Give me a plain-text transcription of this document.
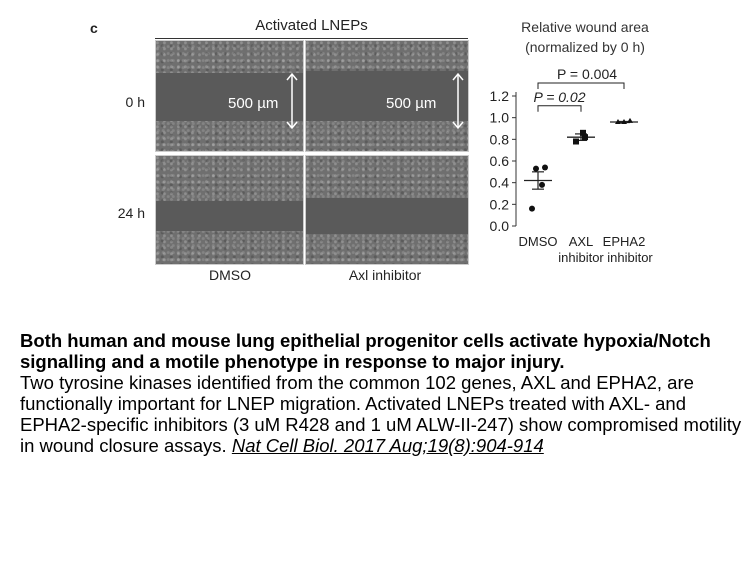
c	Activated LNEPs
0 h
24 h
500 µm	500 µm
DMSO	Axl inhibitor
Relative wound area
(normalized by 0 h)
1.2
1.0
0.8
0.6
0.4
0.2
0.0
DMSO AXL
inhibitor
EPHA2
inhibitor
P = 0.02
P = 0.004
Both human and mouse lung epithelial progenitor cells activate hypoxia/Notch signalling and a motile phenotype in response to major injury.
Two tyrosine kinases identified from the common 102 genes, AXL and EPHA2, are functionally important for LNEP migration. Activated LNEPs treated with AXL- and EPHA2-specific inhibitors (3 uM R428 and 1 uM ALW-II-247) show compromised motility in wound closure assays. Nat Cell Biol. 2017 Aug;19(8):904-914
